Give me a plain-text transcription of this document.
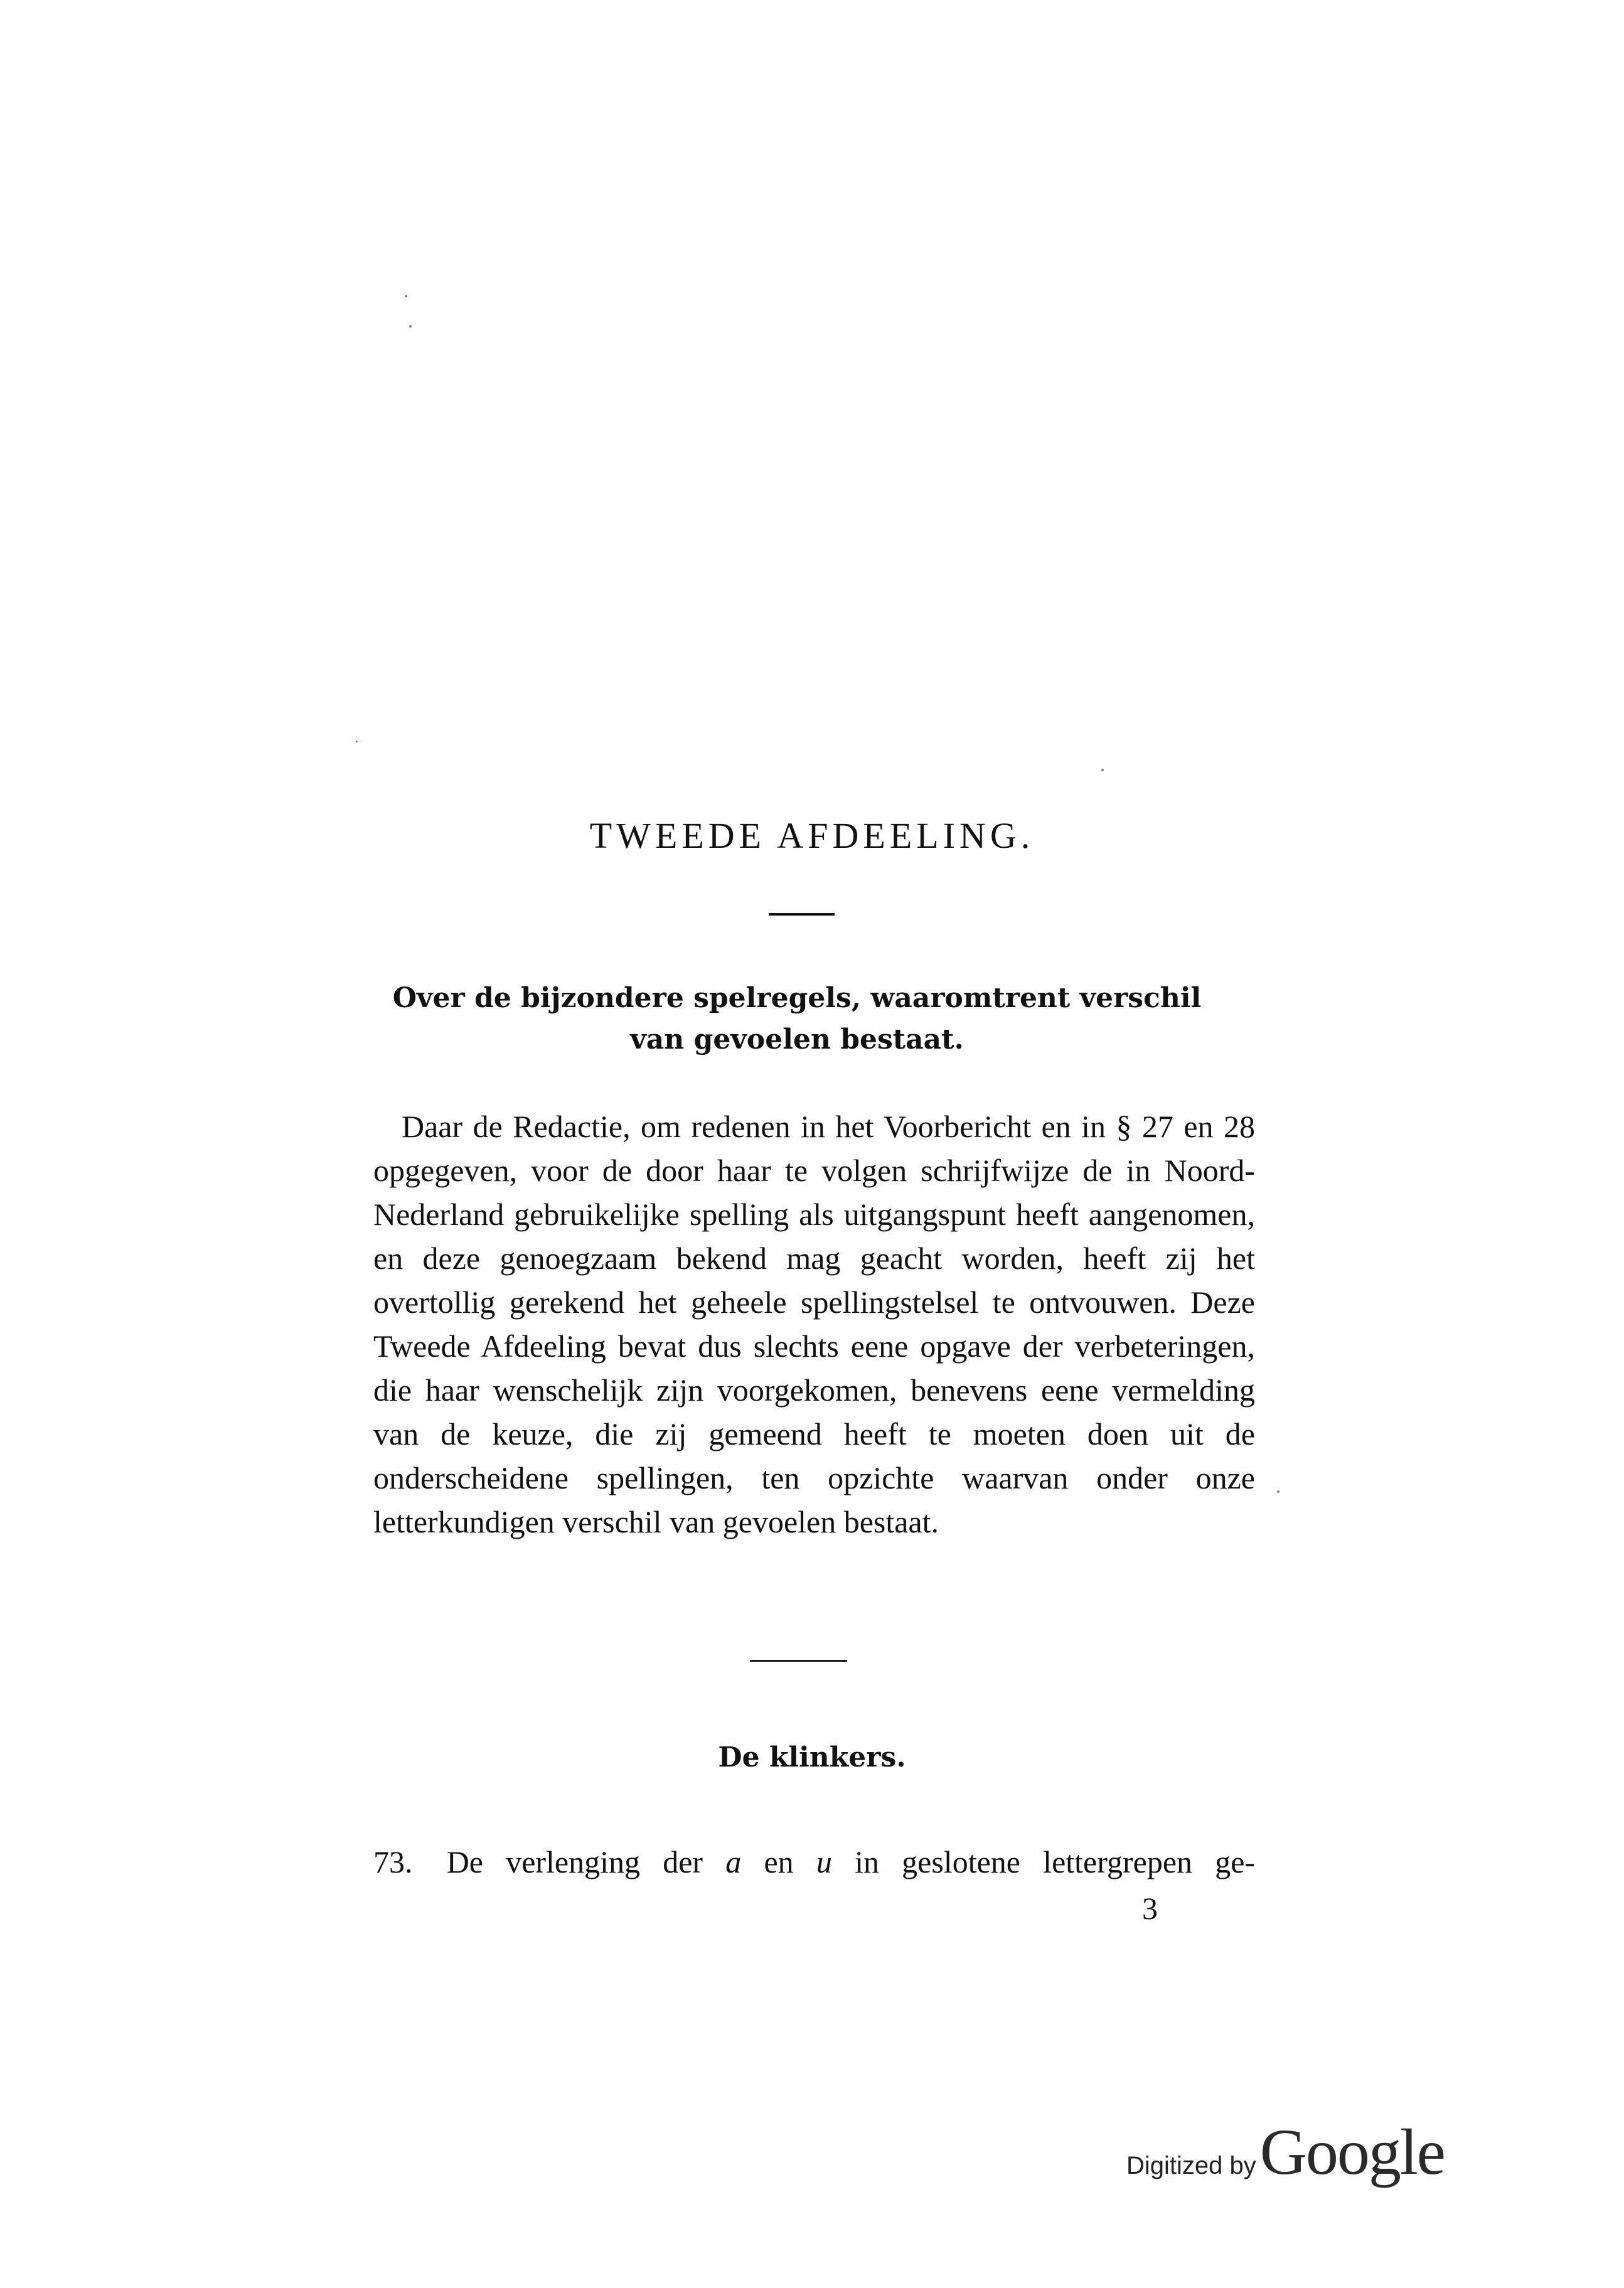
TWEEDE AFDEELING.
Over de bijzondere spelregels, waaromtrent verschil
van gevoelen bestaat.

Daar de Redactie, om redenen in het Voorbericht en in § 27 en 28 opgegeven, voor de door haar te volgen schrijfwijze de in Noord-Nederland gebruikelijke spelling als uitgangspunt heeft aangenomen, en deze genoegzaam bekend mag geacht worden, heeft zij het overtollig gerekend het geheele spellingstelsel te ontvouwen. Deze Tweede Afdeeling bevat dus slechts eene opgave der verbeteringen, die haar wenschelijk zijn voorgekomen, benevens eene vermelding van de keuze, die zij gemeend heeft te moeten doen uit de onderscheidene spellingen, ten opzichte waarvan onder onze letterkundigen verschil van gevoelen bestaat.

De klinkers.

73. De verlenging der a en u in geslotene lettergrepen ge-

3
Digitized by Google
